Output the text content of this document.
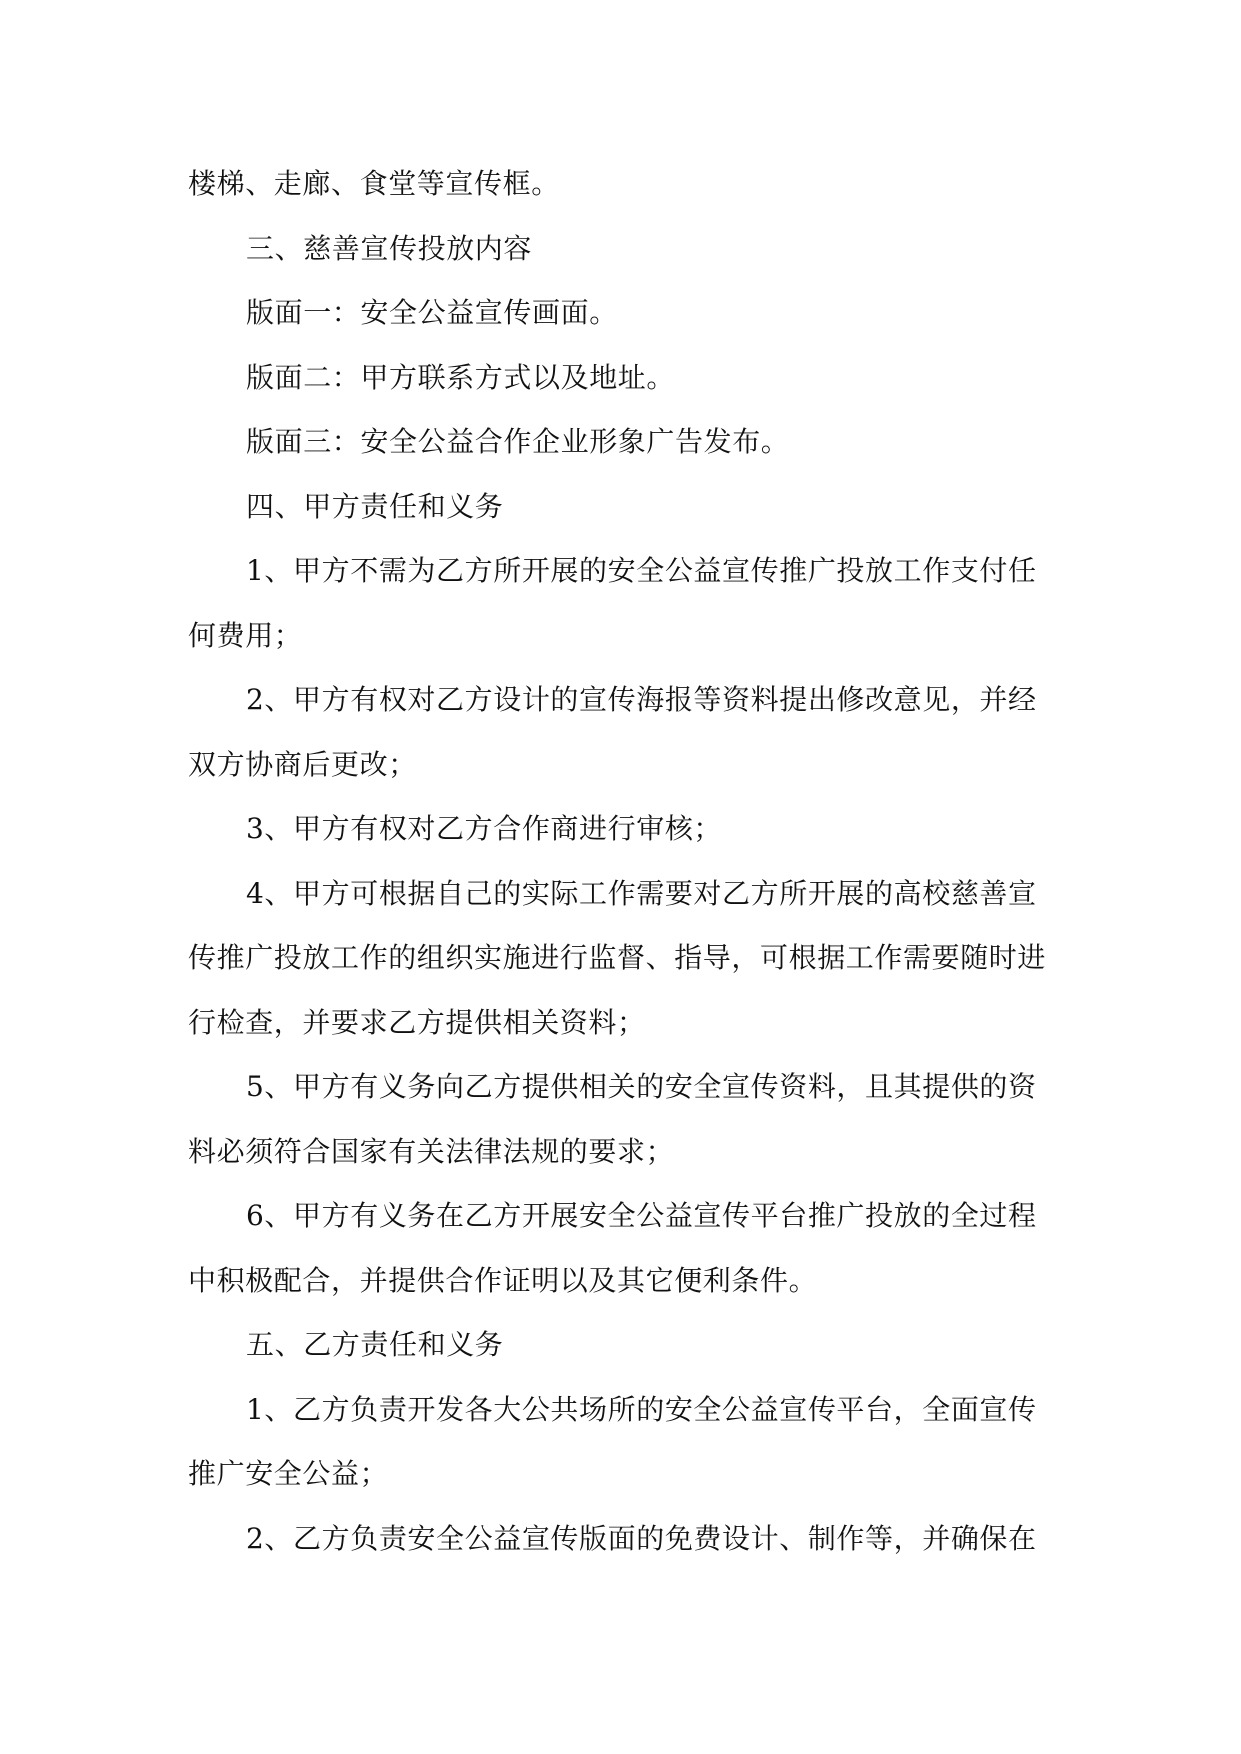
楼梯、走廊、食堂等宣传框。
三、慈善宣传投放内容
版面一：安全公益宣传画面。
版面二：甲方联系方式以及地址。
版面三：安全公益合作企业形象广告发布。
四、甲方责任和义务
1、甲方不需为乙方所开展的安全公益宣传推广投放工作支付任
何费用；
2、甲方有权对乙方设计的宣传海报等资料提出修改意见，并经
双方协商后更改；
3、甲方有权对乙方合作商进行审核；
4、甲方可根据自己的实际工作需要对乙方所开展的高校慈善宣
传推广投放工作的组织实施进行监督、指导，可根据工作需要随时进
行检查，并要求乙方提供相关资料；
5、甲方有义务向乙方提供相关的安全宣传资料，且其提供的资
料必须符合国家有关法律法规的要求；
6、甲方有义务在乙方开展安全公益宣传平台推广投放的全过程
中积极配合，并提供合作证明以及其它便利条件。
五、乙方责任和义务
1、乙方负责开发各大公共场所的安全公益宣传平台，全面宣传
推广安全公益；
2、乙方负责安全公益宣传版面的免费设计、制作等，并确保在
